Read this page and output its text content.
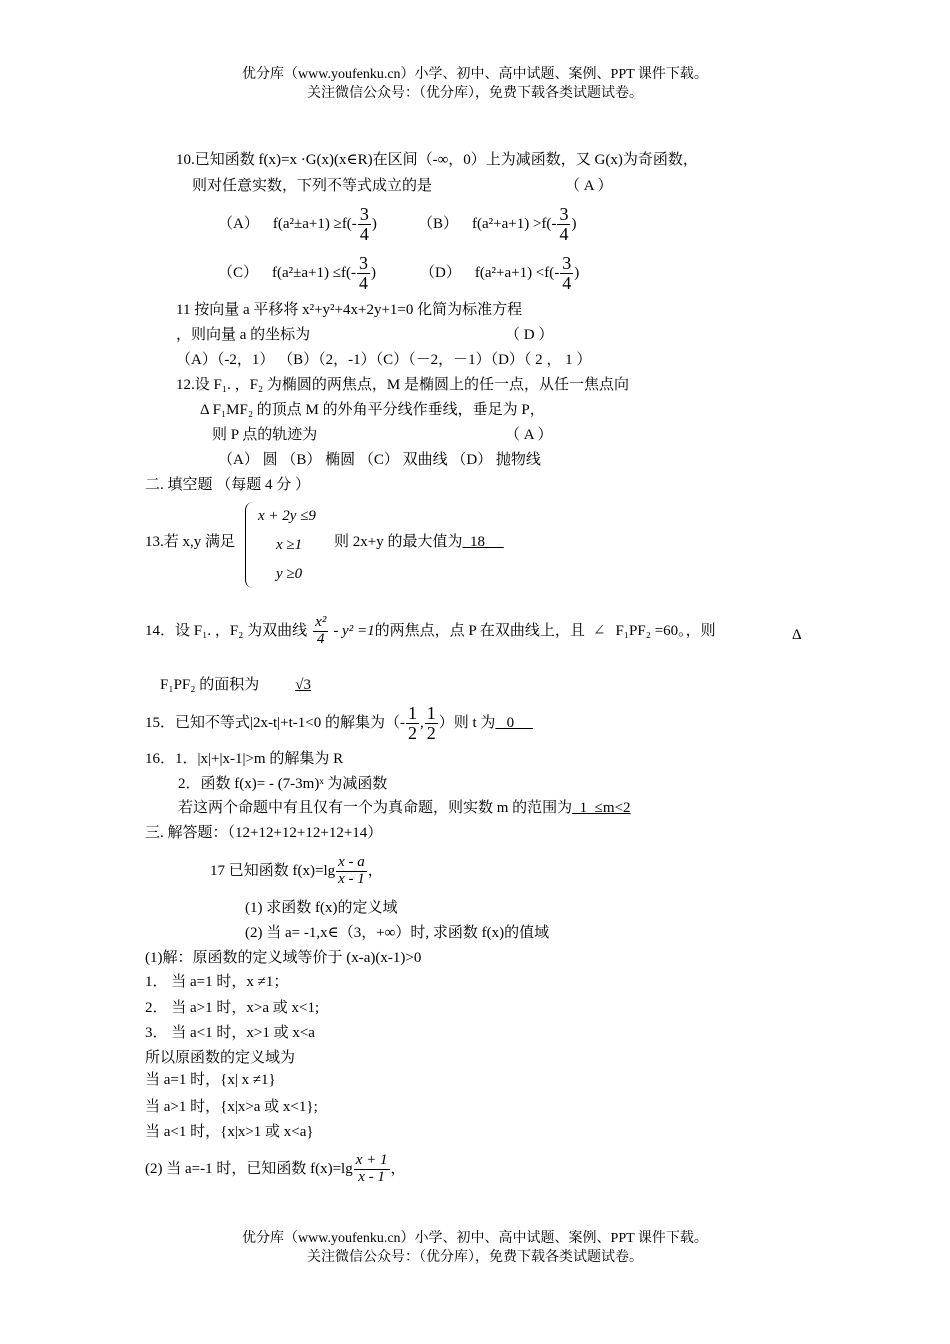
优分库（www.youfenku.cn）小学、初中、高中试题、案例、PPT 课件下载。
关注微信公众号：（优分库），免费下载各类试题试卷。
10.已知函数 f(x)=x ·G(x)(x∈R)在区间（-∞，0）上为减函数，又 G(x)为奇函数，
则对任意实数，下列不等式成立的是	（ A ）
（A） $f(a^2\pm a+1) \ge f(- \frac{3}{4}$ )	（B） $f(a^2+a+1) >f(- \frac{3}{4}$ )
（C） $f(a^2\pm a+1) \le f(- \frac{3}{4}$ )	（D） $f(a^2+a+1) <f(- \frac{3}{4}$ )
11 按向量 a 平移将 x²+y²+4x+2y+1=0 化简为标准方程
，则向量 a 的坐标为	（ D ）
（A）（-2，1） （B）（2，-1）（C）（－2，－1）（D）（ 2 ， 1 ）
12.设 F₁. ，F₂ 为椭圆的两焦点，M 是椭圆上的任一点，从任一焦点向
Δ F₁MF₂ 的顶点 M 的外角平分线作垂线，垂足为 P，
则 P 点的轨迹为	（ A ）
（A） 圆 （B） 椭圆 （C） 双曲线 （D） 抛物线
二. 填空题 （每题 4 分 ）
13.若 x,y 满足
x + 2y ≤9
x ≥1
y ≥0
则 2x+y 的最大值为  18
14．设 F₁. ，F₂ 为双曲线 $\frac{\text{x²}}{4} - y^2 =1$ 的两焦点，点 P 在双曲线上，且 ∠ F₁PF₂ =60。，则	Δ
F₁PF₂ 的面积为 √3
15．已知不等式|2x-t|+t-1<0 的解集为（- $\frac{1}{2}$ , $\frac{1}{2}$ ）则 t 为 0
16．1．|x|+|x-1|>m 的解集为 R
2．函数 f(x)= - (7-3m)ˣ 为减函数
若这两个命题中有且仅有一个为真命题，则实数 m 的范围为  1  ≤m<2
三. 解答题：（12+12+12+12+12+14）
17 已知函数 $f(x)=\lg \frac{x - a}{x - 1}$ ，
(1) 求函数 f(x)的定义域
(2) 当 a= -1,x∈（3，+∞）时, 求函数 f(x)的值域
(1)解：原函数的定义域等价于 (x-a)(x-1)>0
1． 当 a=1 时，x ≠1；
2． 当 a>1 时，x>a 或 x<1;
3． 当 a<1 时，x>1 或 x<a
所以原函数的定义域为
当 a=1 时，{x| x ≠1}
当 a>1 时，{x|x>a 或 x<1};
当 a<1 时，{x|x>1 或 x<a}
(2) 当 a=-1 时，已知函数 $f(x)=\lg \frac{x + 1}{x - 1}$ ，
优分库（www.youfenku.cn）小学、初中、高中试题、案例、PPT 课件下载。
关注微信公众号：（优分库），免费下载各类试题试卷。
